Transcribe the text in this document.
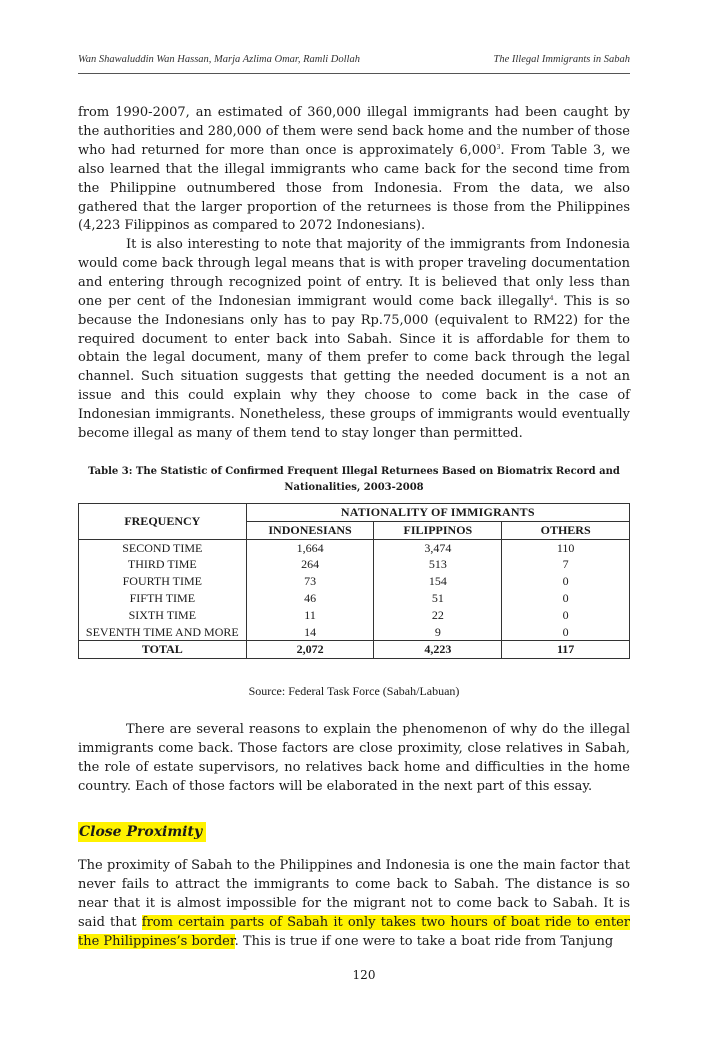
Wan Shawaluddin Wan Hassan, Marja Azlima Omar, Ramli Dollah	The Illegal Immigrants in Sabah

from 1990-2007, an estimated of 360,000 illegal immigrants had been caught by the authorities and 280,000 of them were send back home and the number of those who had returned for more than once is approximately 6,000$^3$. From Table 3, we also learned that the illegal immigrants who came back for the second time from the Philippine outnumbered those from Indonesia. From the data, we also gathered that the larger proportion of the returnees is those from the Philippines (4,223 Filippinos as compared to 2072 Indonesians).

It is also interesting to note that majority of the immigrants from Indonesia would come back through legal means that is with proper traveling documentation and entering through recognized point of entry. It is believed that only less than one per cent of the Indonesian immigrant would come back illegally$^4$. This is so because the Indonesians only has to pay Rp.75,000 (equivalent to RM22) for the required document to enter back into Sabah. Since it is affordable for them to obtain the legal document, many of them prefer to come back through the legal channel. Such situation suggests that getting the needed document is a not an issue and this could explain why they choose to come back in the case of Indonesian immigrants. Nonetheless, these groups of immigrants would eventually become illegal as many of them tend to stay longer than permitted.

Table 3: The Statistic of Confirmed Frequent Illegal Returnees Based on Biomatrix Record and Nationalities, 2003-2008

FREQUENCY	NATIONALITY OF IMMIGRANTS		
	INDONESIANS	FILIPPINOS	OTHERS
SECOND TIME	1,664	3,474	110
THIRD TIME	264	513	7
FOURTH TIME	73	154	0
FIFTH TIME	46	51	0
SIXTH TIME	11	22	0
SEVENTH TIME AND MORE	14	9	0
TOTAL	2,072	4,223	117

Source: Federal Task Force (Sabah/Labuan)

There are several reasons to explain the phenomenon of why do the illegal immigrants come back. Those factors are close proximity, close relatives in Sabah, the role of estate supervisors, no relatives back home and difficulties in the home country. Each of those factors will be elaborated in the next part of this essay.

Close Proximity

The proximity of Sabah to the Philippines and Indonesia is one the main factor that never fails to attract the immigrants to come back to Sabah. The distance is so near that it is almost impossible for the migrant not to come back to Sabah. It is said that from certain parts of Sabah it only takes two hours of boat ride to enter the Philippines’s border. This is true if one were to take a boat ride from Tanjung

120
